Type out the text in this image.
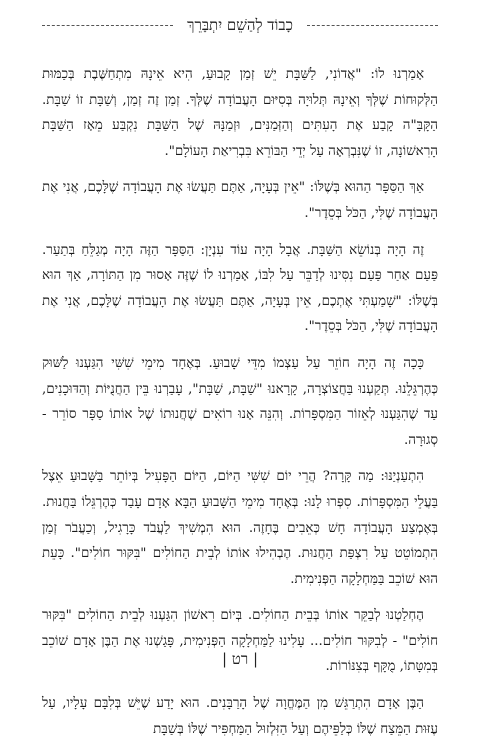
כָבוֹד לְהַשֵׁם יִתְבָּרֵךְ

אָמַרְנוּ לוֹ: "אֲדוֹנִי, לַשַּׁבָּת יֵשׁ זְמַן קָבוּעַ, הִיא אֵינָהּ מִתְחַשֶּׁבֶת בְּכַמּוּת הַלְּקוּחוֹת שֶׁלְּךָ וְאֵינָהּ תְּלוּיָה בְּסִיּוּם הָעֲבוֹדָה שֶׁלְּךָ. זְמַן זֶה זְמַן, וְשַׁבָּת זוֹ שַׁבָּת. הַקָּבָּ"ה קָבַע אֶת הָעִתִּים וְהַזְּמַנִּים, וּזְמַנָּהּ שֶׁל הַשַּׁבָּת נִקְבַּע מֵאָז הַשַּׁבָּת הָרִאשׁוֹנָה, זוֹ שֶׁנִּבְרְאָה עַל יְדֵי הַבּוֹרֵא בִּבְרִיאַת הָעוֹלָם".

אַךְ הַסַּפָּר הַהוּא בְּשֶׁלּוֹ: "אֵין בְּעָיָה, אַתֶּם תַּעֲשׂוּ אֶת הָעֲבוֹדָה שֶׁלָּכֶם, אֲנִי אֶת הָעֲבוֹדָה שֶׁלִּי, הַכֹּל בְּסֵדֶר".

זֶה הָיָה בְּנוֹשֵׂא הַשַּׁבָּת. אֲבָל הָיָה עוֹד עִנְיָן: הַסַּפָּר הַזֶּה הָיָה מְגַלֵּחַ בְּתַעַר. פַּעַם אַחַר פַּעַם נִסִּינוּ לְדַבֵּר עַל לִבּוֹ, אָמַרְנוּ לוֹ שֶׁזֶּה אָסוּר מִן הַתּוֹרָה, אַךְ הוּא בְּשֶׁלּוֹ: "שָׁמַעְתִּי אֶתְכֶם, אֵין בְּעָיָה, אַתֶּם תַּעֲשׂוּ אֶת הָעֲבוֹדָה שֶׁלָּכֶם, אֲנִי אֶת הָעֲבוֹדָה שֶׁלִּי, הַכֹּל בְּסֵדֶר".

כָּכָה זֶה הָיָה חוֹזֵר עַל עַצְמוֹ מִדֵּי שָׁבוּעַ. בְּאֶחָד מִימֵי שִׁשִּׁי הִגַּעְנוּ לַשּׁוּק כְּהֶרְגֵּלֵנוּ. תְּקַעְנוּ בַּחֲצוֹצְרָה, קָרָאנוּ "שַׁבָּת, שַׁבָּת", עָבַרְנוּ בֵּין הַחֲנֻיּוֹת וְהַדּוּכָנִים, עַד שֶׁהִגַּעְנוּ לְאֵזוֹר הַמִּסְפָּרוֹת. וְהִנֵּה אָנוּ רוֹאִים שֶׁחֲנוּתוֹ שֶׁל אוֹתוֹ סַפָּר סוֹרֵר - סְגוּרָה.

הִתְעַנְיַנּוּ: מַה קָּרָה? הֲרֵי יוֹם שִׁשִּׁי הַיּוֹם, הַיּוֹם הַפָּעִיל בְּיוֹתֵר בַּשָּׁבוּעַ אֵצֶל בַּעֲלֵי הַמִּסְפָּרוֹת. סִפְּרוּ לָנוּ: בְּאֶחָד מִימֵי הַשָּׁבוּעַ הַבָּא אָדָם עָבַד כְּהֶרְגֵּלוֹ בַּחֲנוּת. בְּאֶמְצַע הָעֲבוֹדָה חָשׁ כְּאֵבִים בֶּחָזֶה. הוּא הִמְשִׁיךְ לַעֲבֹד כָּרָגִיל, וְכַעֲבֹר זְמַן הִתְמוֹטֵט עַל רִצְפַּת הַחֲנוּת. הֶבְהִילוּ אוֹתוֹ לְבֵית הַחוֹלִים "בִּקּוּר חוֹלִים". כָּעֵת הוּא שׁוֹכֵב בַּמַּחְלָקָה הַפְּנִימִית.

הֶחְלַטְנוּ לְבַקֵּר אוֹתוֹ בְּבֵית הַחוֹלִים. בְּיוֹם רִאשׁוֹן הִגַּעְנוּ לְבֵית הַחוֹלִים "בִּקּוּר חוֹלִים" - לְבִקּוּר חוֹלִים... עָלִינוּ לַמַּחְלָקָה הַפְּנִימִית, פָּגַשְׁנוּ אֶת הַבֶּן אָדָם שׁוֹכֵב בְּמִטָּתוֹ, מֻקָּף בְּצִנּוֹרוֹת.

הַבֶּן אָדָם הִתְרַגֵּשׁ מִן הַמֶּחֱוָה שֶׁל הָרַבָּנִים. הוּא יָדַע שֶׁיֵּשׁ בְּלִבָּם עָלָיו, עַל עֶזּוּת הַמֵּצַח שֶׁלּוֹ כְּלַפֵּיהֶם וְעַל הַזִּלְזוּל הַמַּחְפִּיר שֶׁלּוֹ בְּשַׁבָּת

| רט |
